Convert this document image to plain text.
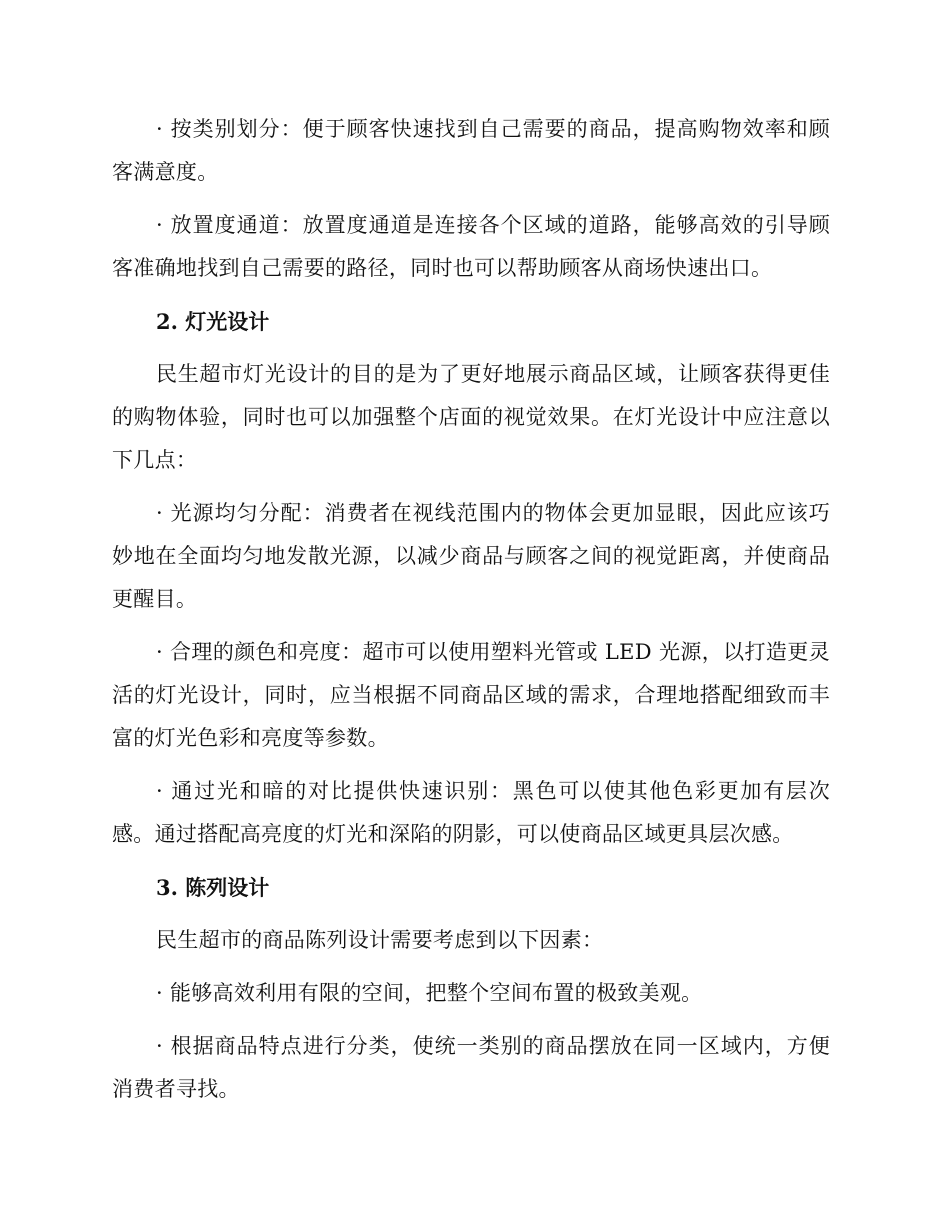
· 按类别划分：便于顾客快速找到自己需要的商品，提高购物效率和顾客满意度。

· 放置度通道：放置度通道是连接各个区域的道路，能够高效的引导顾客准确地找到自己需要的路径，同时也可以帮助顾客从商场快速出口。

2. 灯光设计

民生超市灯光设计的目的是为了更好地展示商品区域，让顾客获得更佳的购物体验，同时也可以加强整个店面的视觉效果。在灯光设计中应注意以下几点：

· 光源均匀分配：消费者在视线范围内的物体会更加显眼，因此应该巧妙地在全面均匀地发散光源，以减少商品与顾客之间的视觉距离，并使商品更醒目。

· 合理的颜色和亮度：超市可以使用塑料光管或 LED 光源，以打造更灵活的灯光设计，同时，应当根据不同商品区域的需求，合理地搭配细致而丰富的灯光色彩和亮度等参数。

· 通过光和暗的对比提供快速识别：黑色可以使其他色彩更加有层次感。通过搭配高亮度的灯光和深陷的阴影，可以使商品区域更具层次感。

3. 陈列设计

民生超市的商品陈列设计需要考虑到以下因素：

· 能够高效利用有限的空间，把整个空间布置的极致美观。

· 根据商品特点进行分类，使统一类别的商品摆放在同一区域内，方便消费者寻找。
